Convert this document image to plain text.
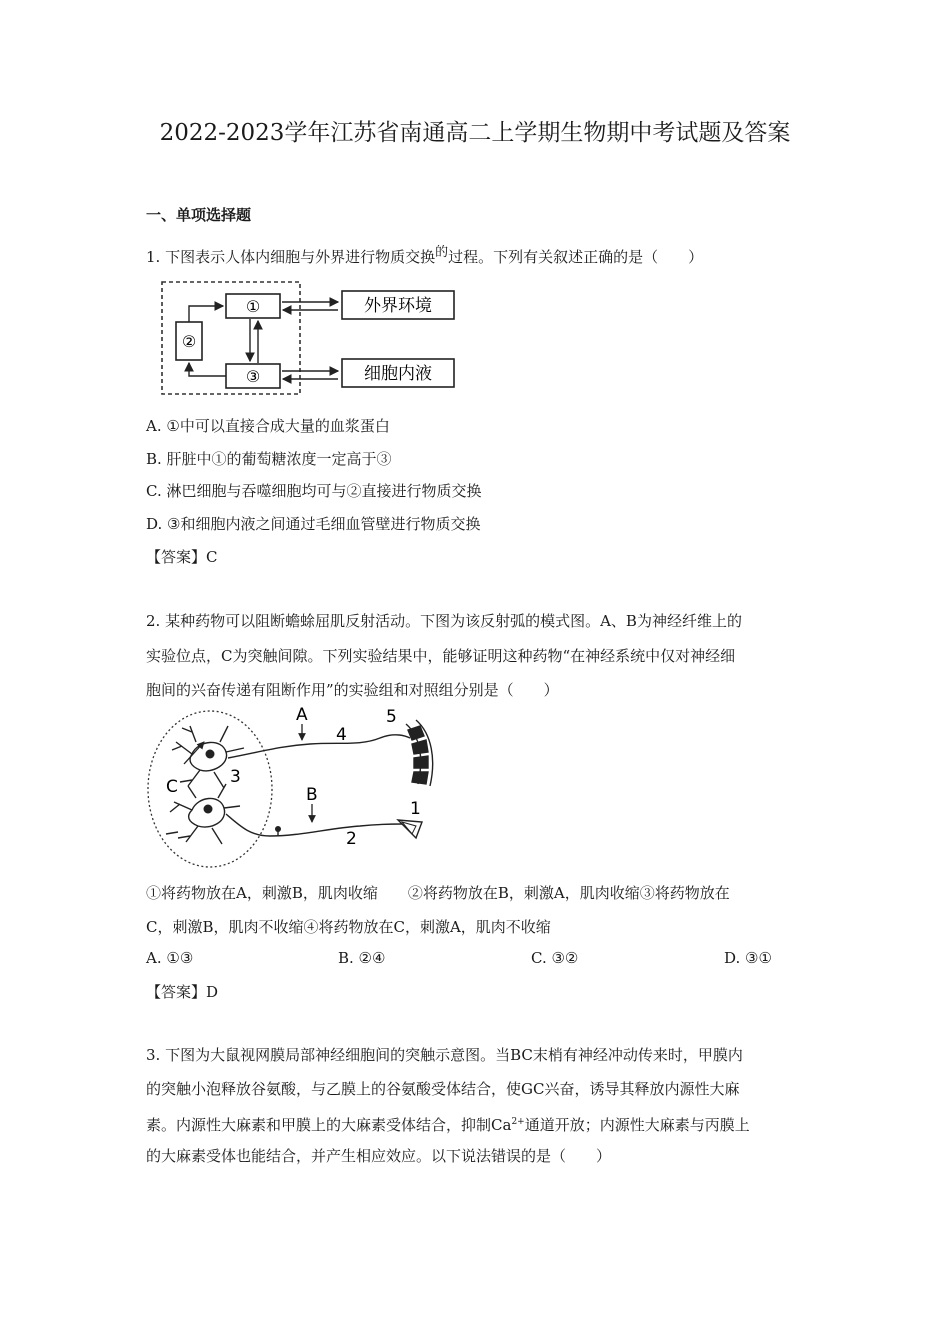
2022-2023学年江苏省南通高二上学期生物期中考试题及答案
一、单项选择题

1. 下图表示人体内细胞与外界进行物质交换的过程。下列有关叙述正确的是（　　）

①
②
③
外界环境
细胞内液
A. ①中可以直接合成大量的血浆蛋白
B. 肝脏中①的葡萄糖浓度一定高于③
C. 淋巴细胞与吞噬细胞均可与②直接进行物质交换
D. ③和细胞内液之间通过毛细血管壁进行物质交换
【答案】C

2. 某种药物可以阻断蟾蜍屈肌反射活动。下图为该反射弧的模式图。A、B为神经纤维上的

实验位点，C为突触间隙。下列实验结果中，能够证明这种药物“在神经系统中仅对神经细

胞间的兴奋传递有阻断作用”的实验组和对照组分别是（　　）

A
B
C
1
2
3
4
5

①将药物放在A，刺激B，肌肉收缩　　②将药物放在B，刺激A，肌肉收缩③将药物放在

C，刺激B，肌肉不收缩④将药物放在C，刺激A，肌肉不收缩

A. ①③	B. ②④	C. ③②	D. ③①
【答案】D

3. 下图为大鼠视网膜局部神经细胞间的突触示意图。当BC末梢有神经冲动传来时，甲膜内

的突触小泡释放谷氨酸，与乙膜上的谷氨酸受体结合，使GC兴奋，诱导其释放内源性大麻

素。内源性大麻素和甲膜上的大麻素受体结合，抑制$Ca^{2+}$通道开放；内源性大麻素与丙膜上

的大麻素受体也能结合，并产生相应效应。以下说法错误的是（　　）
